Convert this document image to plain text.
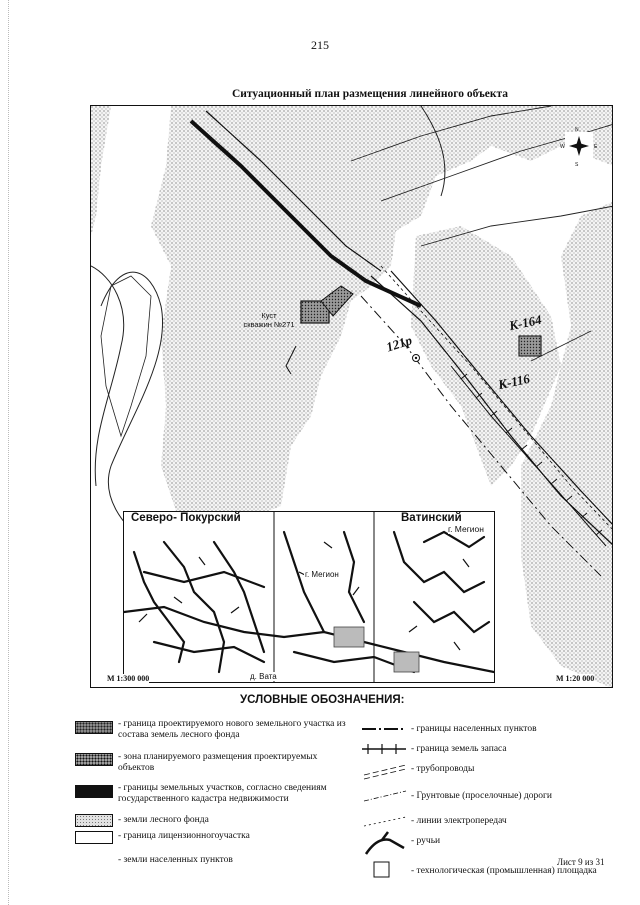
215
Ситуационный план размещения линейного объекта
N
S
W	E
Куст
скважин №271
121р
К-164
К-116
Северо- Покурский	Ватинский
г. Мегион
д. Вата
г. Мегион
М 1:300 000	М 1:20 000
УСЛОВНЫЕ ОБОЗНАЧЕНИЯ:
- граница проектируемого нового земельного участка из состава земель лесного фонда
- зона планируемого размещения проектируемых объектов
- границы земельных участков, согласно сведениям государственного кадастра недвижимости
- земли лесного фонда
- граница лицензионногоучастка
- земли населенных пунктов
- границы населенных пунктов
- граница земель запаса
- трубопроводы
- Грунтовые (проселочные) дороги
- линии электропередач
- ручьи
- технологическая (промышленная) площадка
Лист 9 из 31
